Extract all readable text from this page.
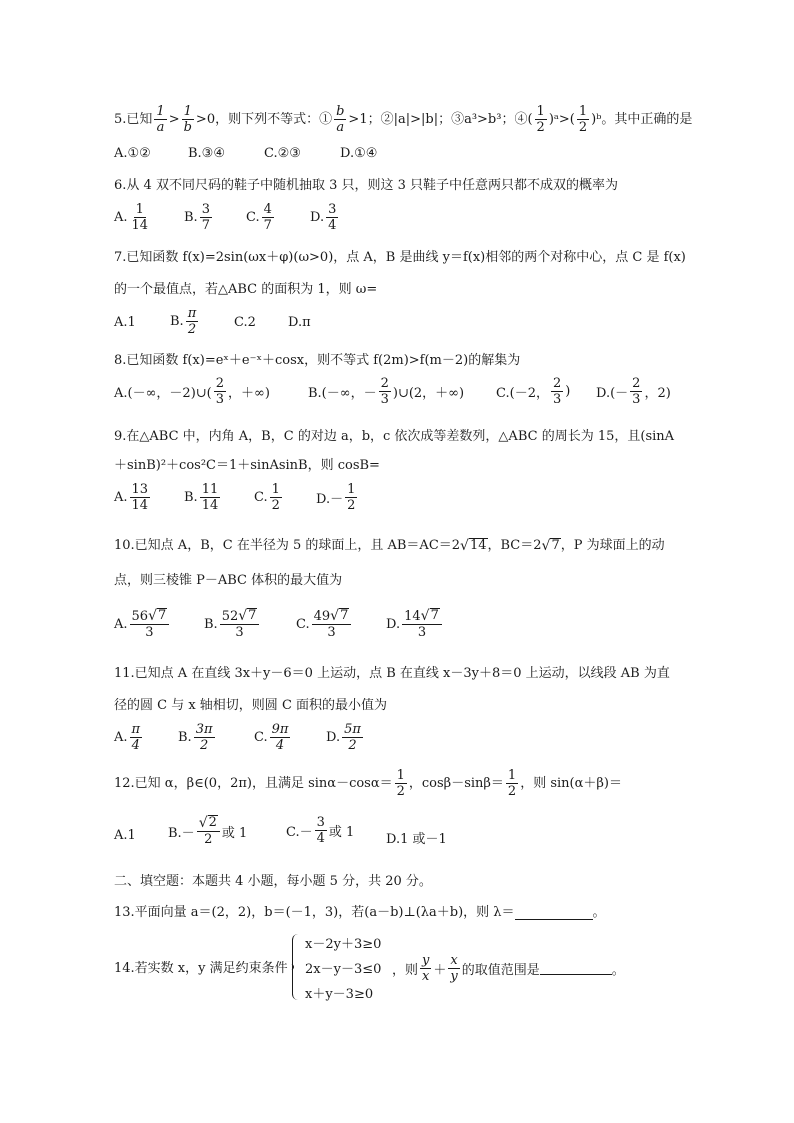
5.已知 $\frac{1}{a} > \frac{1}{b} >0$，则下列不等式：① $\frac{b}{a} >1$；②|a|>|b|；③a³>b³；④( $\frac{1}{2}$ )ᵃ>( $\frac{1}{2}$ )ᵇ。其中正确的是
A.①②	B.③④	C.②③	D.①④
6.从 4 双不同尺码的鞋子中随机抽取 3 只，则这 3 只鞋子中任意两只都不成双的概率为
A. $\frac{1}{14}$	B. $\frac{3}{7}$	C. $\frac{4}{7}$	D. $\frac{3}{4}$
7.已知函数 f(x)=2sin(ωx＋φ)(ω>0)，点 A，B 是曲线 y＝f(x)相邻的两个对称中心，点 C 是 f(x)
的一个最值点，若△ABC 的面积为 1，则 ω=
A.1	B. $\frac{\pi}{2}$	C.2 D.π
8.已知函数 f(x)=eˣ＋e⁻ˣ＋cosx，则不等式 f(2m)>f(m－2)的解集为
A.(－∞，－2)∪( $\frac{2}{3}$ ，＋∞)	B.(－∞，－ $\frac{2}{3}$ )∪(2，＋∞) C.(－2， $\frac{2}{3}$ ) $D.(- \frac{2}{3}$ ，2)
9.在△ABC 中，内角 A，B，C 的对边 a，b，c 依次成等差数列，△ABC 的周长为 15，且(sinA
＋sinB)²＋cos²C＝1＋sinAsinB，则 cosB=
A. $\frac{13}{14}$	B. $\frac{11}{14}$	C. $\frac{1}{2}$	$D.- \frac{1}{2}$
10.已知点 A，B，C 在半径为 5 的球面上，且 AB＝AC＝2 √ 14 ，BC＝2 √ 7 ，P 为球面上的动
点，则三棱锥 P－ABC 体积的最大值为
A. $\frac{56 √ 7}{3}$	B. $\frac{52 √ 7}{3}$	C. $\frac{49 √ 7}{3}$	D. $\frac{14 √ 7}{3}$
11.已知点 A 在直线 3x＋y－6＝0 上运动，点 B 在直线 x－3y＋8＝0 上运动，以线段 AB 为直
径的圆 C 与 x 轴相切，则圆 C 面积的最小值为
A. $\frac{\pi}{4}$	B. $\frac{3\pi}{2}$	C. $\frac{9\pi}{4}$	D. $\frac{5\pi}{2}$
12.已知 α，β∈(0，2π)，且满足 $\sin\alpha-\cos\alpha= \frac{1}{2}$ ，$\cos\beta-\sin\beta= \frac{1}{2}$ ，则 sin(α＋β)＝
A.1 $B.- \frac{√ 2}{2}$ 或 1	$C.- \frac{3}{4}$ 或 1 D.1 或－1
二、填空题：本题共 4 小题，每小题 5 分，共 20 分。
13.平面向量 a＝(2，2)，b＝(－1，3)，若(a－b)⊥(λa＋b)，则 λ＝	。
14.若实数 x，y 满足约束条件
x－2y＋3≥0
2x－y－3≤0
x＋y－3≥0
，则 $\frac{y}{x} + \frac{x}{y}$ 的取值范围是	。
